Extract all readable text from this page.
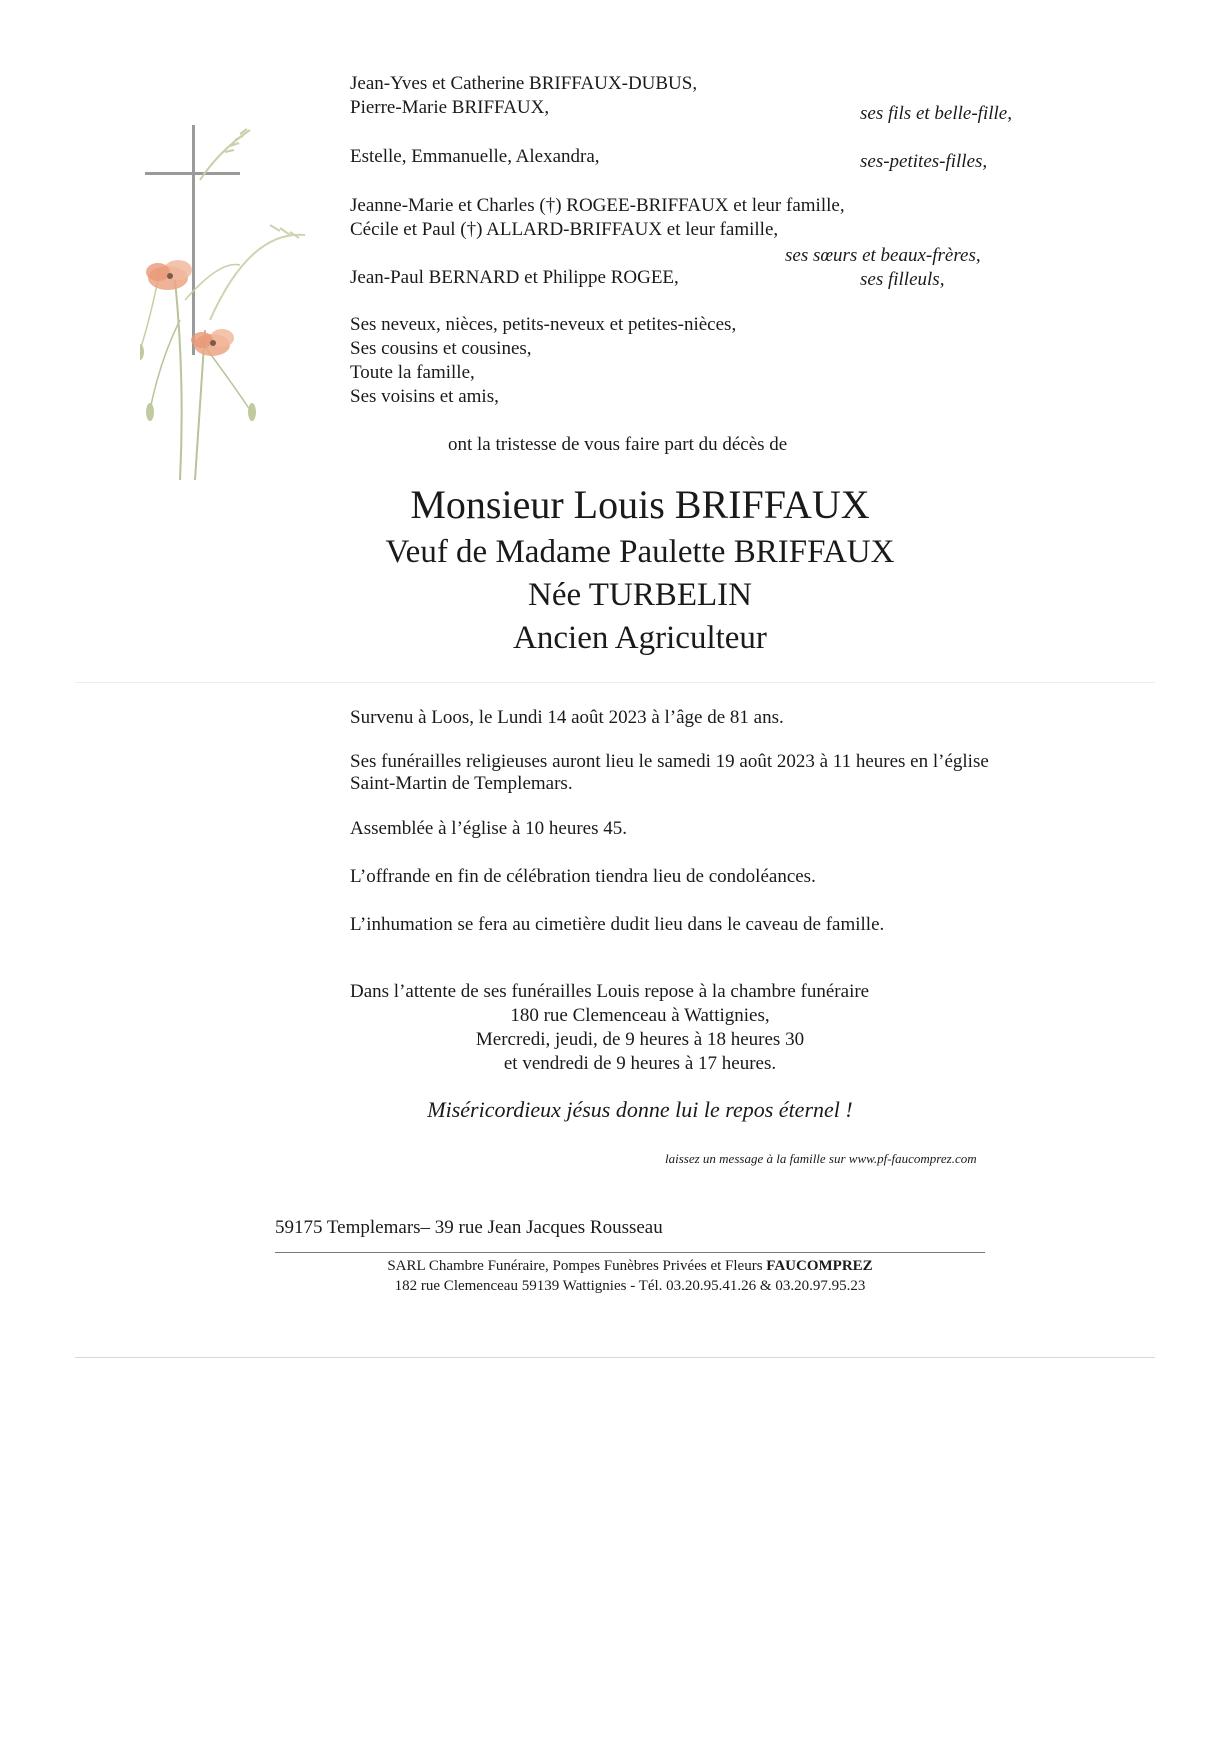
Jean-Yves et Catherine BRIFFAUX-DUBUS,
Pierre-Marie BRIFFAUX,	ses fils et belle-fille,
Estelle, Emmanuelle, Alexandra,	ses-petites-filles,
Jeanne-Marie et Charles (†) ROGEE-BRIFFAUX et leur famille,
Cécile et Paul (†) ALLARD-BRIFFAUX et leur famille,
ses sœurs et beaux-frères,
Jean-Paul BERNARD et Philippe ROGEE,	ses filleuls,
Ses neveux, nièces, petits-neveux et petites-nièces,
Ses cousins et cousines,
Toute la famille,
Ses voisins et amis,
ont la tristesse de vous faire part du décès de
Monsieur Louis BRIFFAUX
Veuf de Madame Paulette BRIFFAUX
Née TURBELIN
Ancien Agriculteur
Survenu à Loos, le Lundi 14 août 2023 à l’âge de 81 ans.
Ses funérailles religieuses auront lieu le samedi 19 août 2023 à 11 heures en l’église
Saint-Martin de Templemars.
Assemblée à l’église à 10 heures 45.
L’offrande en fin de célébration tiendra lieu de condoléances.
L’inhumation se fera au cimetière dudit lieu dans le caveau de famille.
Dans l’attente de ses funérailles Louis repose à la chambre funéraire
180 rue Clemenceau à Wattignies,
Mercredi, jeudi, de 9 heures à 18 heures 30
et vendredi de 9 heures à 17 heures.
Miséricordieux jésus donne lui le repos éternel !
laissez un message à la famille sur www.pf-faucomprez.com
59175 Templemars– 39 rue Jean Jacques Rousseau
SARL Chambre Funéraire, Pompes Funèbres Privées et Fleurs FAUCOMPREZ
182 rue Clemenceau 59139 Wattignies - Tél. 03.20.95.41.26 & 03.20.97.95.23
